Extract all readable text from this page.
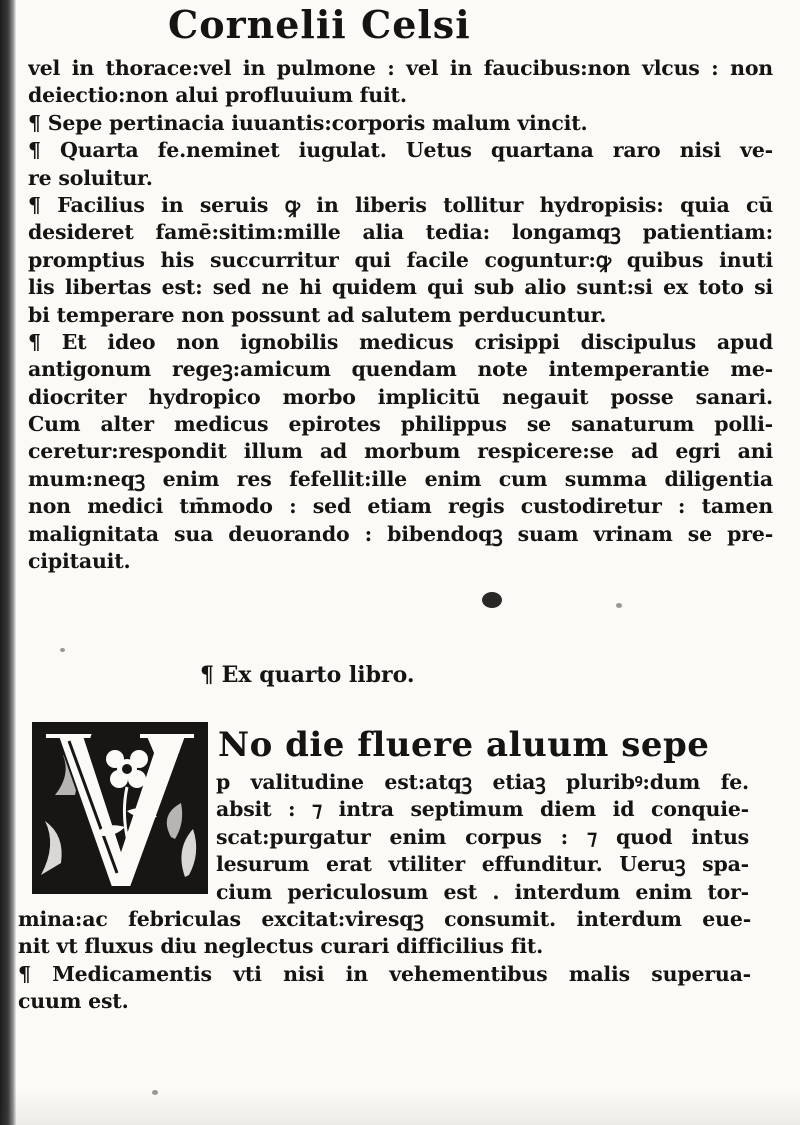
Cornelii Celsi
vel in thorace:vel in pulmone : vel in faucibus:non vlcus : non
deiectio:non alui profluuium fuit.
¶ Sepe pertinacia iuuantis:corporis malum vincit.
¶ Quarta fe.neminet iugulat. Uetus quartana raro nisi ve-
re soluitur.
¶ Facilius in seruis ꝙ in liberis tollitur hydropisis: quia cū
desideret famē:sitim:mille alia tedia: longamqꝫ patientiam:
promptius his succurritur qui facile coguntur:ꝙ quibus inuti
lis libertas est: sed ne hi quidem qui sub alio sunt:si ex toto si
bi temperare non possunt ad salutem perducuntur.
¶ Et ideo non ignobilis medicus crisippi discipulus apud
antigonum regeꝫ:amicum quendam note intemperantie me-
diocriter hydropico morbo implicitū negauit posse sanari.
Cum alter medicus epirotes philippus se sanaturum polli-
ceretur:respondit illum ad morbum respicere:se ad egri ani
mum:neqꝫ enim res fefellit:ille enim cum summa diligentia
non medici tm̄modo : sed etiam regis custodiretur : tamen
malignitata sua deuorando : bibendoqꝫ suam vrinam se pre-
cipitauit.
¶ Ex quarto libro.
No die fluere aluum sepe
p valitudine est:atqꝫ etiaꝫ pluribꝰ:dum fe.
absit : ⁊ intra septimum diem id conquie-
scat:purgatur enim corpus : ⁊ quod intus
lesurum erat vtiliter effunditur. Ueruꝫ spa-
cium periculosum est . interdum enim tor-
mina:ac febriculas excitat:viresqꝫ consumit. interdum eue-
nit vt fluxus diu neglectus curari difficilius fit.
¶ Medicamentis vti nisi in vehementibus malis superua-
cuum est.
